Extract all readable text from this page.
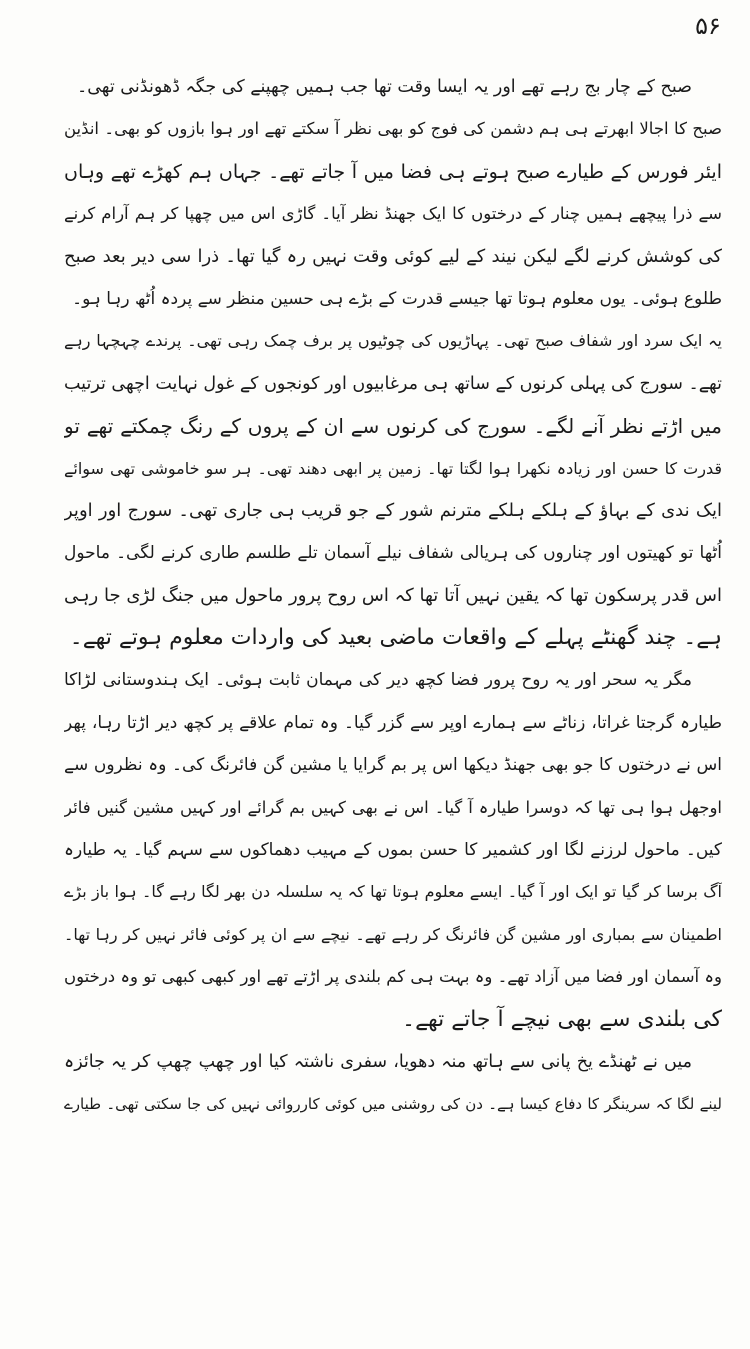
۵۶
صبح کے چار بج رہے تھے اور یہ ایسا وقت تھا جب ہمیں چھپنے کی جگہ ڈھونڈنی تھی۔
صبح کا اجالا ابھرتے ہی ہم دشمن کی فوج کو بھی نظر آ سکتے تھے اور ہوا بازوں کو بھی۔ انڈین
ایئر فورس کے طیارے صبح ہوتے ہی فضا میں آ جاتے تھے۔ جہاں ہم کھڑے تھے وہاں
سے ذرا پیچھے ہمیں چنار کے درختوں کا ایک جھنڈ نظر آیا۔ گاڑی اس میں چھپا کر ہم آرام کرنے
کی کوشش کرنے لگے لیکن نیند کے لیے کوئی وقت نہیں رہ گیا تھا۔ ذرا سی دیر بعد صبح
طلوع ہوئی۔ یوں معلوم ہوتا تھا جیسے قدرت کے بڑے ہی حسین منظر سے پردہ اُٹھ رہا ہو۔
یہ ایک سرد اور شفاف صبح تھی۔ پہاڑیوں کی چوٹیوں پر برف چمک رہی تھی۔ پرندے چہچہا رہے
تھے۔ سورج کی پہلی کرنوں کے ساتھ ہی مرغابیوں اور کونجوں کے غول نہایت اچھی ترتیب
میں اڑتے نظر آنے لگے۔ سورج کی کرنوں سے ان کے پروں کے رنگ چمکتے تھے تو
قدرت کا حسن اور زیادہ نکھرا ہوا لگتا تھا۔ زمین پر ابھی دھند تھی۔ ہر سو خاموشی تھی سوائے
ایک ندی کے بہاؤ کے ہلکے ہلکے مترنم شور کے جو قریب ہی جاری تھی۔ سورج اور اوپر
اُٹھا تو کھیتوں اور چناروں کی ہریالی شفاف نیلے آسمان تلے طلسم طاری کرنے لگی۔ ماحول
اس قدر پرسکون تھا کہ یقین نہیں آتا تھا کہ اس روح پرور ماحول میں جنگ لڑی جا رہی
ہے۔ چند گھنٹے پہلے کے واقعات ماضی بعید کی واردات معلوم ہوتے تھے۔
مگر یہ سحر اور یہ روح پرور فضا کچھ دیر کی مہمان ثابت ہوئی۔ ایک ہندوستانی لڑاکا
طیارہ گرجتا غراتا، زناٹے سے ہمارے اوپر سے گزر گیا۔ وہ تمام علاقے پر کچھ دیر اڑتا رہا، پھر
اس نے درختوں کا جو بھی جھنڈ دیکھا اس پر بم گرایا یا مشین گن فائرنگ کی۔ وہ نظروں سے
اوجھل ہوا ہی تھا کہ دوسرا طیارہ آ گیا۔ اس نے بھی کہیں بم گرائے اور کہیں مشین گنیں فائر
کیں۔ ماحول لرزنے لگا اور کشمیر کا حسن بموں کے مہیب دھماکوں سے سہم گیا۔ یہ طیارہ
آگ برسا کر گیا تو ایک اور آ گیا۔ ایسے معلوم ہوتا تھا کہ یہ سلسلہ دن بھر لگا رہے گا۔ ہوا باز بڑے
اطمینان سے بمباری اور مشین گن فائرنگ کر رہے تھے۔ نیچے سے ان پر کوئی فائر نہیں کر رہا تھا۔
وہ آسمان اور فضا میں آزاد تھے۔ وہ بہت ہی کم بلندی پر اڑتے تھے اور کبھی کبھی تو وہ درختوں
کی بلندی سے بھی نیچے آ جاتے تھے۔
میں نے ٹھنڈے یخ پانی سے ہاتھ منہ دھویا، سفری ناشتہ کیا اور چھپ چھپ کر یہ جائزہ
لینے لگا کہ سرینگر کا دفاع کیسا ہے۔ دن کی روشنی میں کوئی کارروائی نہیں کی جا سکتی تھی۔ طیارے
